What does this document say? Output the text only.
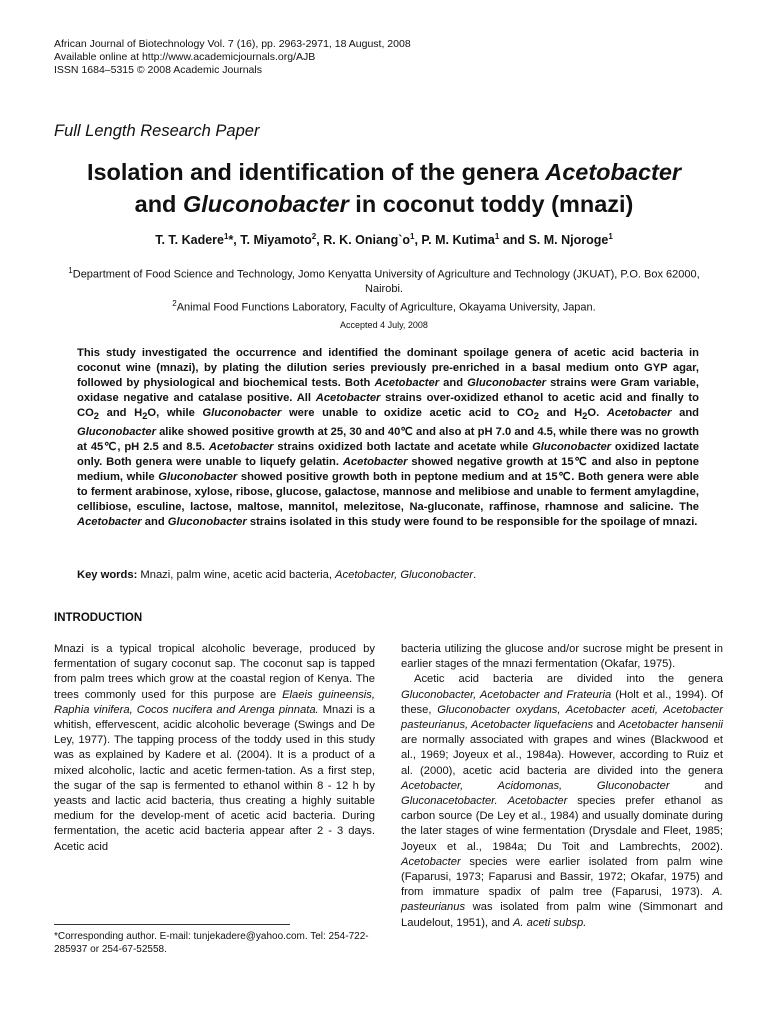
African Journal of Biotechnology Vol. 7 (16), pp. 2963-2971, 18 August, 2008
Available online at http://www.academicjournals.org/AJB
ISSN 1684–5315 © 2008 Academic Journals
Full Length Research Paper
Isolation and identification of the genera Acetobacter
and Gluconobacter in coconut toddy (mnazi)
T. T. Kadere$^1$*, T. Miyamoto$^2$, R. K. $Oniang`o^1$, P. M. Kutima$^1$ and S. M. Njoroge$^1$
$^1$Department of Food Science and Technology, Jomo Kenyatta University of Agriculture and Technology (JKUAT), P.O. Box 62000, Nairobi.
$^2$Animal Food Functions Laboratory, Faculty of Agriculture, Okayama University, Japan.
Accepted 4 July, 2008
This study investigated the occurrence and identified the dominant spoilage genera of acetic acid bacteria in coconut wine (mnazi), by plating the dilution series previously pre-enriched in a basal medium onto GYP agar, followed by physiological and biochemical tests. Both Acetobacter and Gluconobacter strains were Gram variable, oxidase negative and catalase positive. All Acetobacter strains over-oxidized ethanol to acetic acid and finally to $CO_2$ and $H_2O$, while Gluconobacter were unable to oxidize acetic acid to $CO_2$ and $H_2O$. Acetobacter and Gluconobacter alike showed positive growth at 25, 30 and 40℃ and also at pH 7.0 and 4.5, while there was no growth at 45℃, pH 2.5 and 8.5. Acetobacter strains oxidized both lactate and acetate while Gluconobacter oxidized lactate only. Both genera were unable to liquefy gelatin. Acetobacter showed negative growth at 15℃ and also in peptone medium, while Gluconobacter showed positive growth both in peptone medium and at 15℃. Both genera were able to ferment arabinose, xylose, ribose, glucose, galactose, mannose and melibiose and unable to ferment amylagdine, cellibiose, esculine, lactose, maltose, mannitol, melezitose, Na-gluconate, raffinose, rhamnose and salicine. The Acetobacter and Gluconobacter strains isolated in this study were found to be responsible for the spoilage of mnazi.
Key words: Mnazi, palm wine, acetic acid bacteria, Acetobacter, Gluconobacter.
INTRODUCTION

Mnazi is a typical tropical alcoholic beverage, produced by fermentation of sugary coconut sap. The coconut sap is tapped from palm trees which grow at the coastal region of Kenya. The trees commonly used for this purpose are Elaeis guineensis, Raphia vinifera, Cocos nucifera and Arenga pinnata. Mnazi is a whitish, effervescent, acidic alcoholic beverage (Swings and De Ley, 1977). The tapping process of the toddy used in this study was as explained by Kadere et al. (2004). It is a product of a mixed alcoholic, lactic and acetic fermen-tation. As a first step, the sugar of the sap is fermented to ethanol within 8 - 12 h by yeasts and lactic acid bacteria, thus creating a highly suitable medium for the develop-ment of acetic acid bacteria. During fermentation, the acetic acid bacteria appear after 2 - 3 days. Acetic acid

bacteria utilizing the glucose and/or sucrose might be present in earlier stages of the mnazi fermentation (Okafar, 1975).

Acetic acid bacteria are divided into the genera Gluconobacter, Acetobacter and Frateuria (Holt et al., 1994). Of these, Gluconobacter oxydans, Acetobacter aceti, Acetobacter pasteurianus, Acetobacter liquefaciens and Acetobacter hansenii are normally associated with grapes and wines (Blackwood et al., 1969; Joyeux et al., 1984a). However, according to Ruiz et al. (2000), acetic acid bacteria are divided into the genera Acetobacter, Acidomonas, Gluconobacter and Gluconacetobacter. Acetobacter species prefer ethanol as carbon source (De Ley et al., 1984) and usually dominate during the later stages of wine fermentation (Drysdale and Fleet, 1985; Joyeux et al., 1984a; Du Toit and Lambrechts, 2002). Acetobacter species were earlier isolated from palm wine (Faparusi, 1973; Faparusi and Bassir, 1972; Okafar, 1975) and from immature spadix of palm tree (Faparusi, 1973). A. pasteurianus was isolated from palm wine (Simmonart and Laudelout, 1951), and A. aceti subsp.

*Corresponding author. E-mail: tunjekadere@yahoo.com. Tel: 254-722-285937 or 254-67-52558.
